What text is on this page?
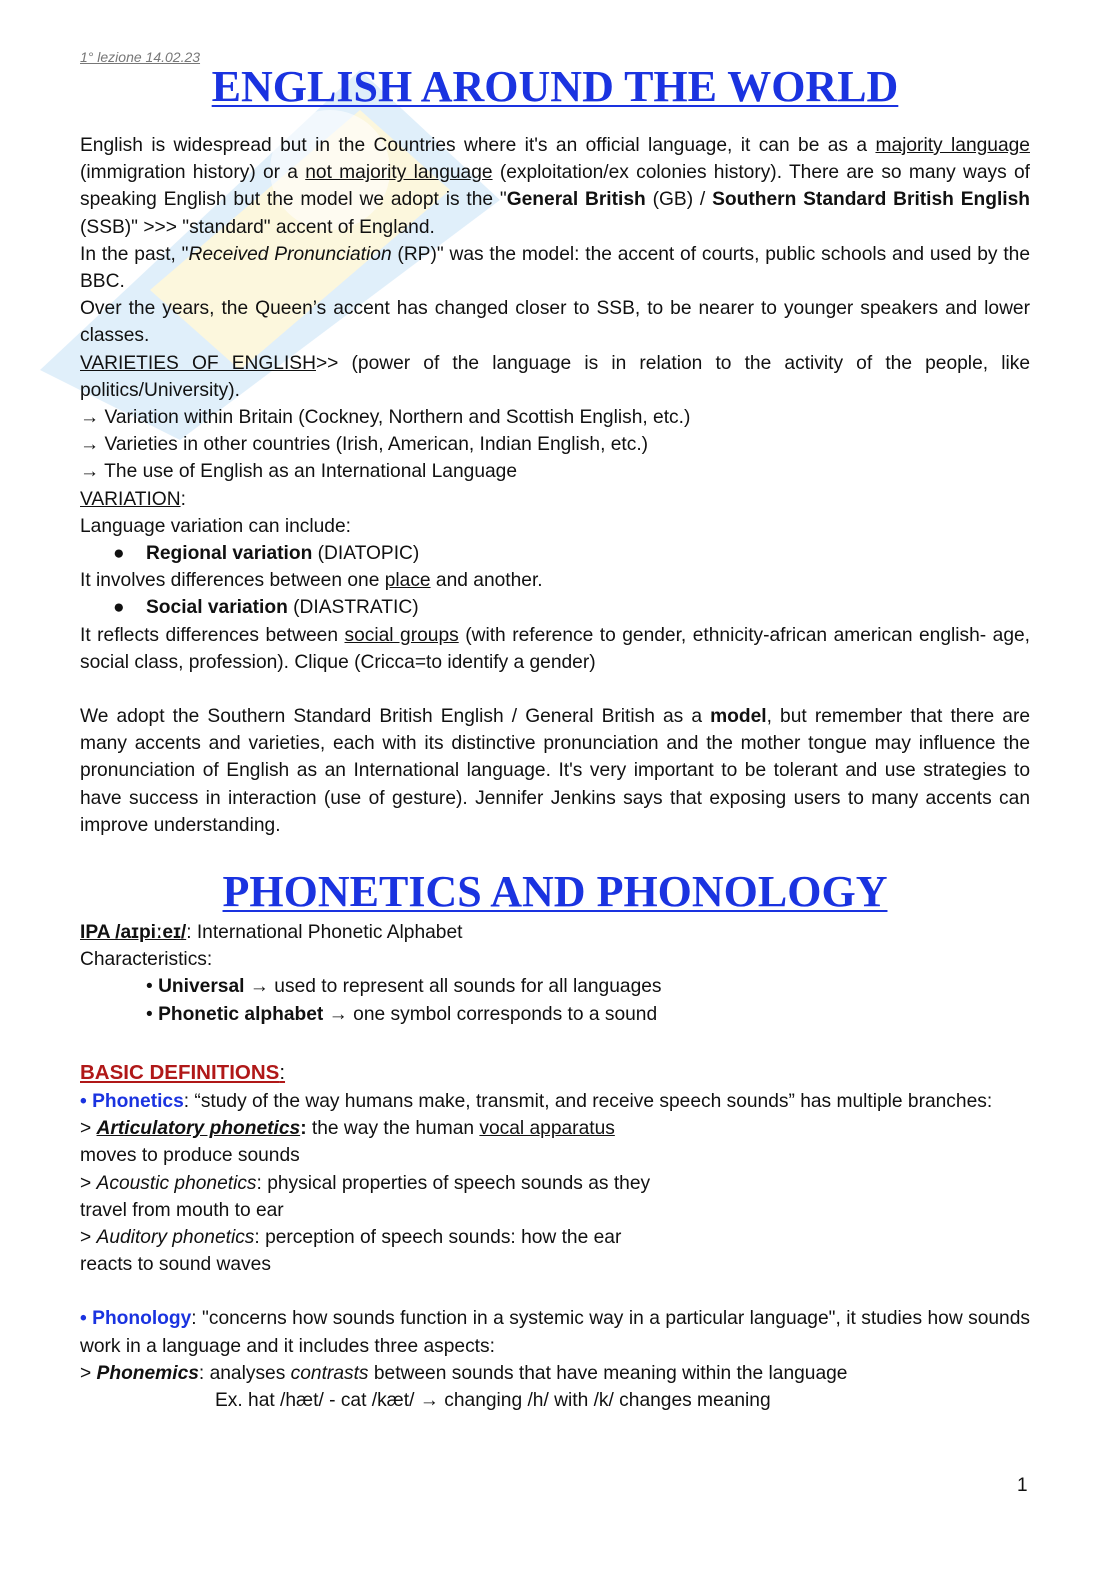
1° lezione 14.02.23

ENGLISH AROUND THE WORLD

English is widespread but in the Countries where it's an official language, it can be as a majority language (immigration history) or a not majority language (exploitation/ex colonies history). There are so many ways of speaking English but the model we adopt is the "General British (GB) / Southern Standard British English (SSB)" >>> "standard" accent of England.

In the past, "Received Pronunciation (RP)" was the model: the accent of courts, public schools and used by the BBC.

Over the years, the Queen’s accent has changed closer to SSB, to be nearer to younger speakers and lower classes.

VARIETIES OF ENGLISH>> (power of the language is in relation to the activity of the people, like politics/University).

→ Variation within Britain (Cockney, Northern and Scottish English, etc.)

→ Varieties in other countries (Irish, American, Indian English, etc.)

→ The use of English as an International Language

VARIATION:

Language variation can include:

●	Regional variation (DIATOPIC)

It involves differences between one place and another.

●	Social variation (DIASTRATIC)

It reflects differences between social groups (with reference to gender, ethnicity-african american english- age, social class, profession). Clique (Cricca=to identify a gender)

We adopt the Southern Standard British English / General British as a model, but remember that there are many accents and varieties, each with its distinctive pronunciation and the mother tongue may influence the pronunciation of English as an International language. It's very important to be tolerant and use strategies to have success in interaction (use of gesture). Jennifer Jenkins says that exposing users to many accents can improve understanding.

PHONETICS AND PHONOLOGY

IPA /aɪpiːeɪ/: International Phonetic Alphabet

Characteristics:

• Universal → used to represent all sounds for all languages

• Phonetic alphabet → one symbol corresponds to a sound

BASIC DEFINITIONS:

• Phonetics: “study of the way humans make, transmit, and receive speech sounds” has multiple branches:

> Articulatory phonetics: the way the human vocal apparatus

moves to produce sounds

> Acoustic phonetics: physical properties of speech sounds as they

travel from mouth to ear

> Auditory phonetics: perception of speech sounds: how the ear

reacts to sound waves

• Phonology: "concerns how sounds function in a systemic way in a particular language", it studies how sounds work in a language and it includes three aspects:

> Phonemics: analyses contrasts between sounds that have meaning within the language

Ex. hat /hæt/ - cat /kæt/ → changing /h/ with /k/ changes meaning

1
